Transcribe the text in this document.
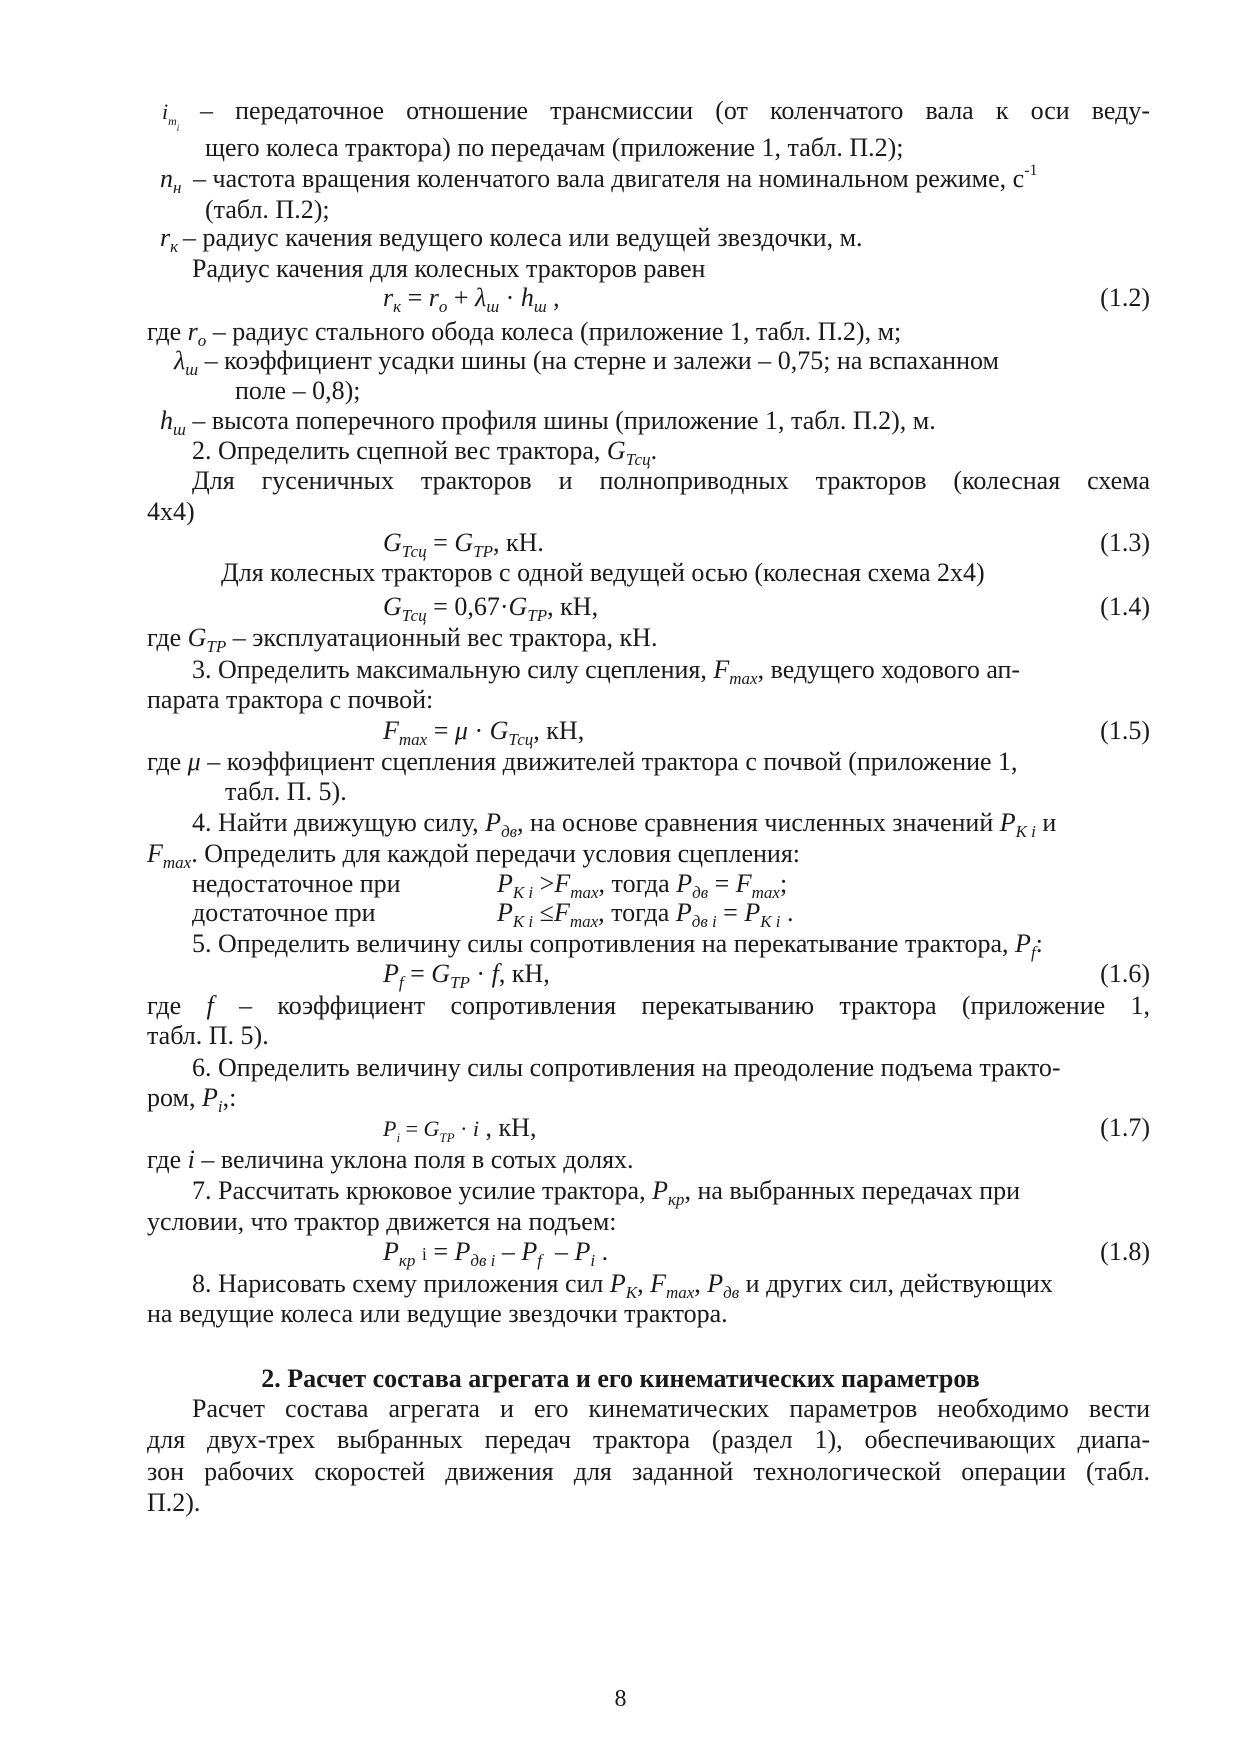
$i_{m_i}$
– передаточное отношение трансмиссии (от коленчатого вала к оси веду-
щего колеса трактора) по передачам (приложение 1, табл. П.2);
$n_н$ – частота вращения коленчатого вала двигателя на номинальном режиме, $с^{-1}$
(табл. П.2);
$r_к$ – радиус качения ведущего колеса или ведущей звездочки, м.
Радиус качения для колесных тракторов равен
$r_к = r_о + \lambda_ш \cdot h_ш$ ,	(1.2)
где $r_о$ – радиус стального обода колеса (приложение 1, табл. П.2), м;
$\lambda_ш$ – коэффициент усадки шины (на стерне и залежи – 0,75; на вспаханном
поле – 0,8);
$h_ш$ – высота поперечного профиля шины (приложение 1, табл. П.2), м.
2. Определить сцепной вес трактора, $G_{Тсц}$.
Для гусеничных тракторов и полноприводных тракторов (колесная схема
4х4)
$G_{Тсц} = G_{ТР}$, кН.	(1.3)
Для колесных тракторов с одной ведущей осью (колесная схема 2х4)
$G_{Тсц} = 0,67\cdot G_{ТР}$, кН,	(1.4)
где $G_{ТР}$ – эксплуатационный вес трактора, кН.
3. Определить максимальную силу сцепления, $F_{max}$, ведущего ходового ап-
парата трактора с почвой:
$F_{max} = \mu \cdot G_{Тсц}$, кН,	(1.5)
где μ – коэффициент сцепления движителей трактора с почвой (приложение 1,
табл. П. 5).
4. Найти движущую силу, $P_{дв}$, на основе сравнения численных значений $P_{К i}$ и
$F_{max}$. Определить для каждой передачи условия сцепления:
недостаточное при	$P_{К i} >F_{max}$, тогда $P_{дв} = F_{max}$;
достаточное при	$P_{К i} \le F_{max}$, тогда $P_{дв i} = P_{К i}$ .
5. Определить величину силы сопротивления на перекатывание трактора, $P_f$:
$P_f = G_{ТР} \cdot f$, кН,	(1.6)
где f – коэффициент сопротивления перекатыванию трактора (приложение 1,
табл. П. 5).
6. Определить величину силы сопротивления на преодоление подъема тракто-
ром, $P_i$,:
$P_i = G_{ТР} \cdot i$ , кН,	(1.7)
где i – величина уклона поля в сотых долях.
7. Рассчитать крюковое усилие трактора, $P_{кр}$, на выбранных передачах при
условии, что трактор движется на подъем:
$P_{кр}$ $i = P_{дв i} - P_f - P_i$ .	(1.8)
8. Нарисовать схему приложения сил $P_К$, $F_{max}$, $P_{дв}$ и других сил, действующих
на ведущие колеса или ведущие звездочки трактора.
2. Расчет состава агрегата и его кинематических параметров
Расчет состава агрегата и его кинематических параметров необходимо вести
для двух-трех выбранных передач трактора (раздел 1), обеспечивающих диапа-
зон рабочих скоростей движения для заданной технологической операции (табл.
П.2).
8
